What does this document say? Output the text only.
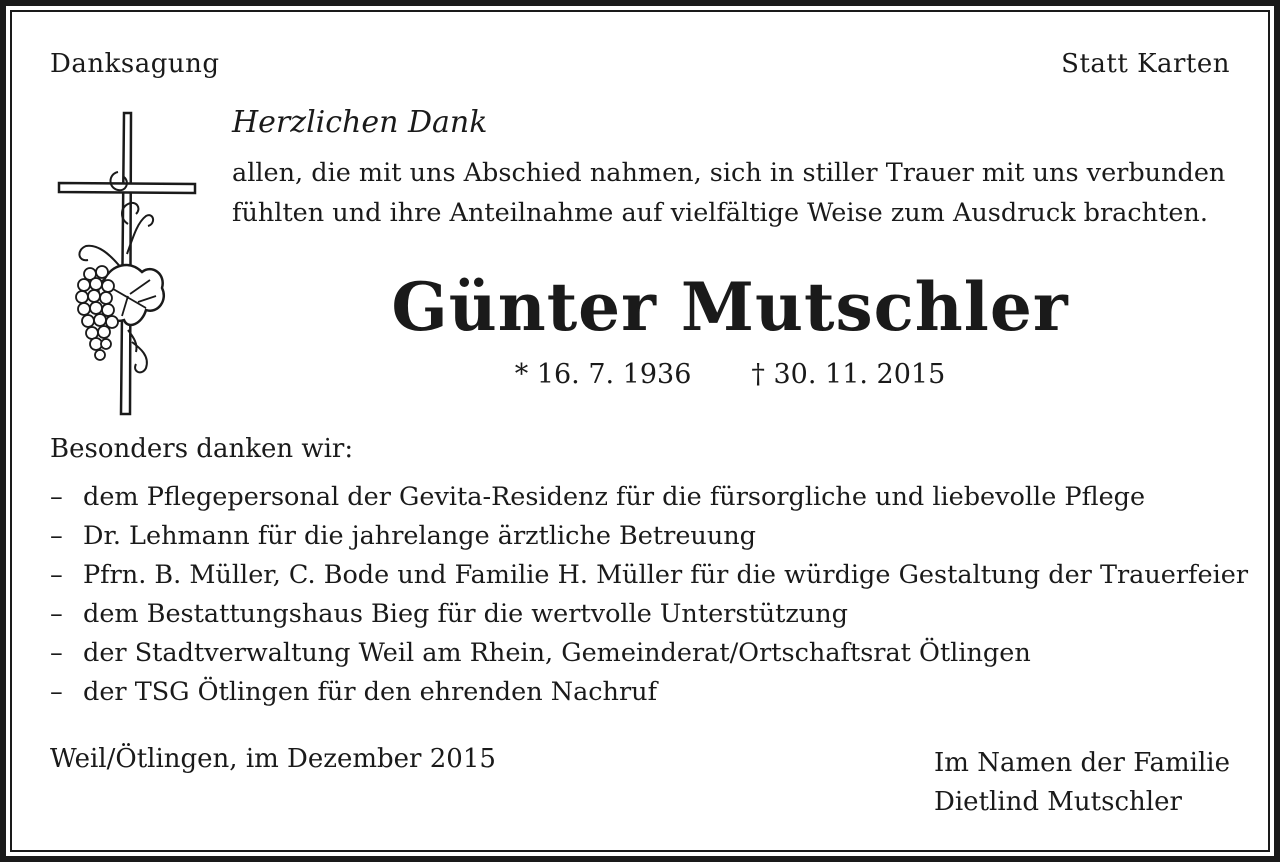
Danksagung	Statt Karten
Herzlichen Dank
allen, die mit uns Abschied nahmen, sich in stiller Trauer mit uns verbunden
fühlten und ihre Anteilnahme auf vielfältige Weise zum Ausdruck brachten.
Günter Mutschler
* 16. 7. 1936 † 30. 11. 2015
Besonders danken wir:
– dem Pflegepersonal der Gevita-Residenz für die fürsorgliche und liebevolle Pflege
– Dr. Lehmann für die jahrelange ärztliche Betreuung
– Pfrn. B. Müller, C. Bode und Familie H. Müller für die würdige Gestaltung der Trauerfeier
– dem Bestattungshaus Bieg für die wertvolle Unterstützung
– der Stadtverwaltung Weil am Rhein, Gemeinderat/Ortschaftsrat Ötlingen
– der TSG Ötlingen für den ehrenden Nachruf
Weil/Ötlingen, im Dezember 2015	Im Namen der Familie
Dietlind Mutschler
